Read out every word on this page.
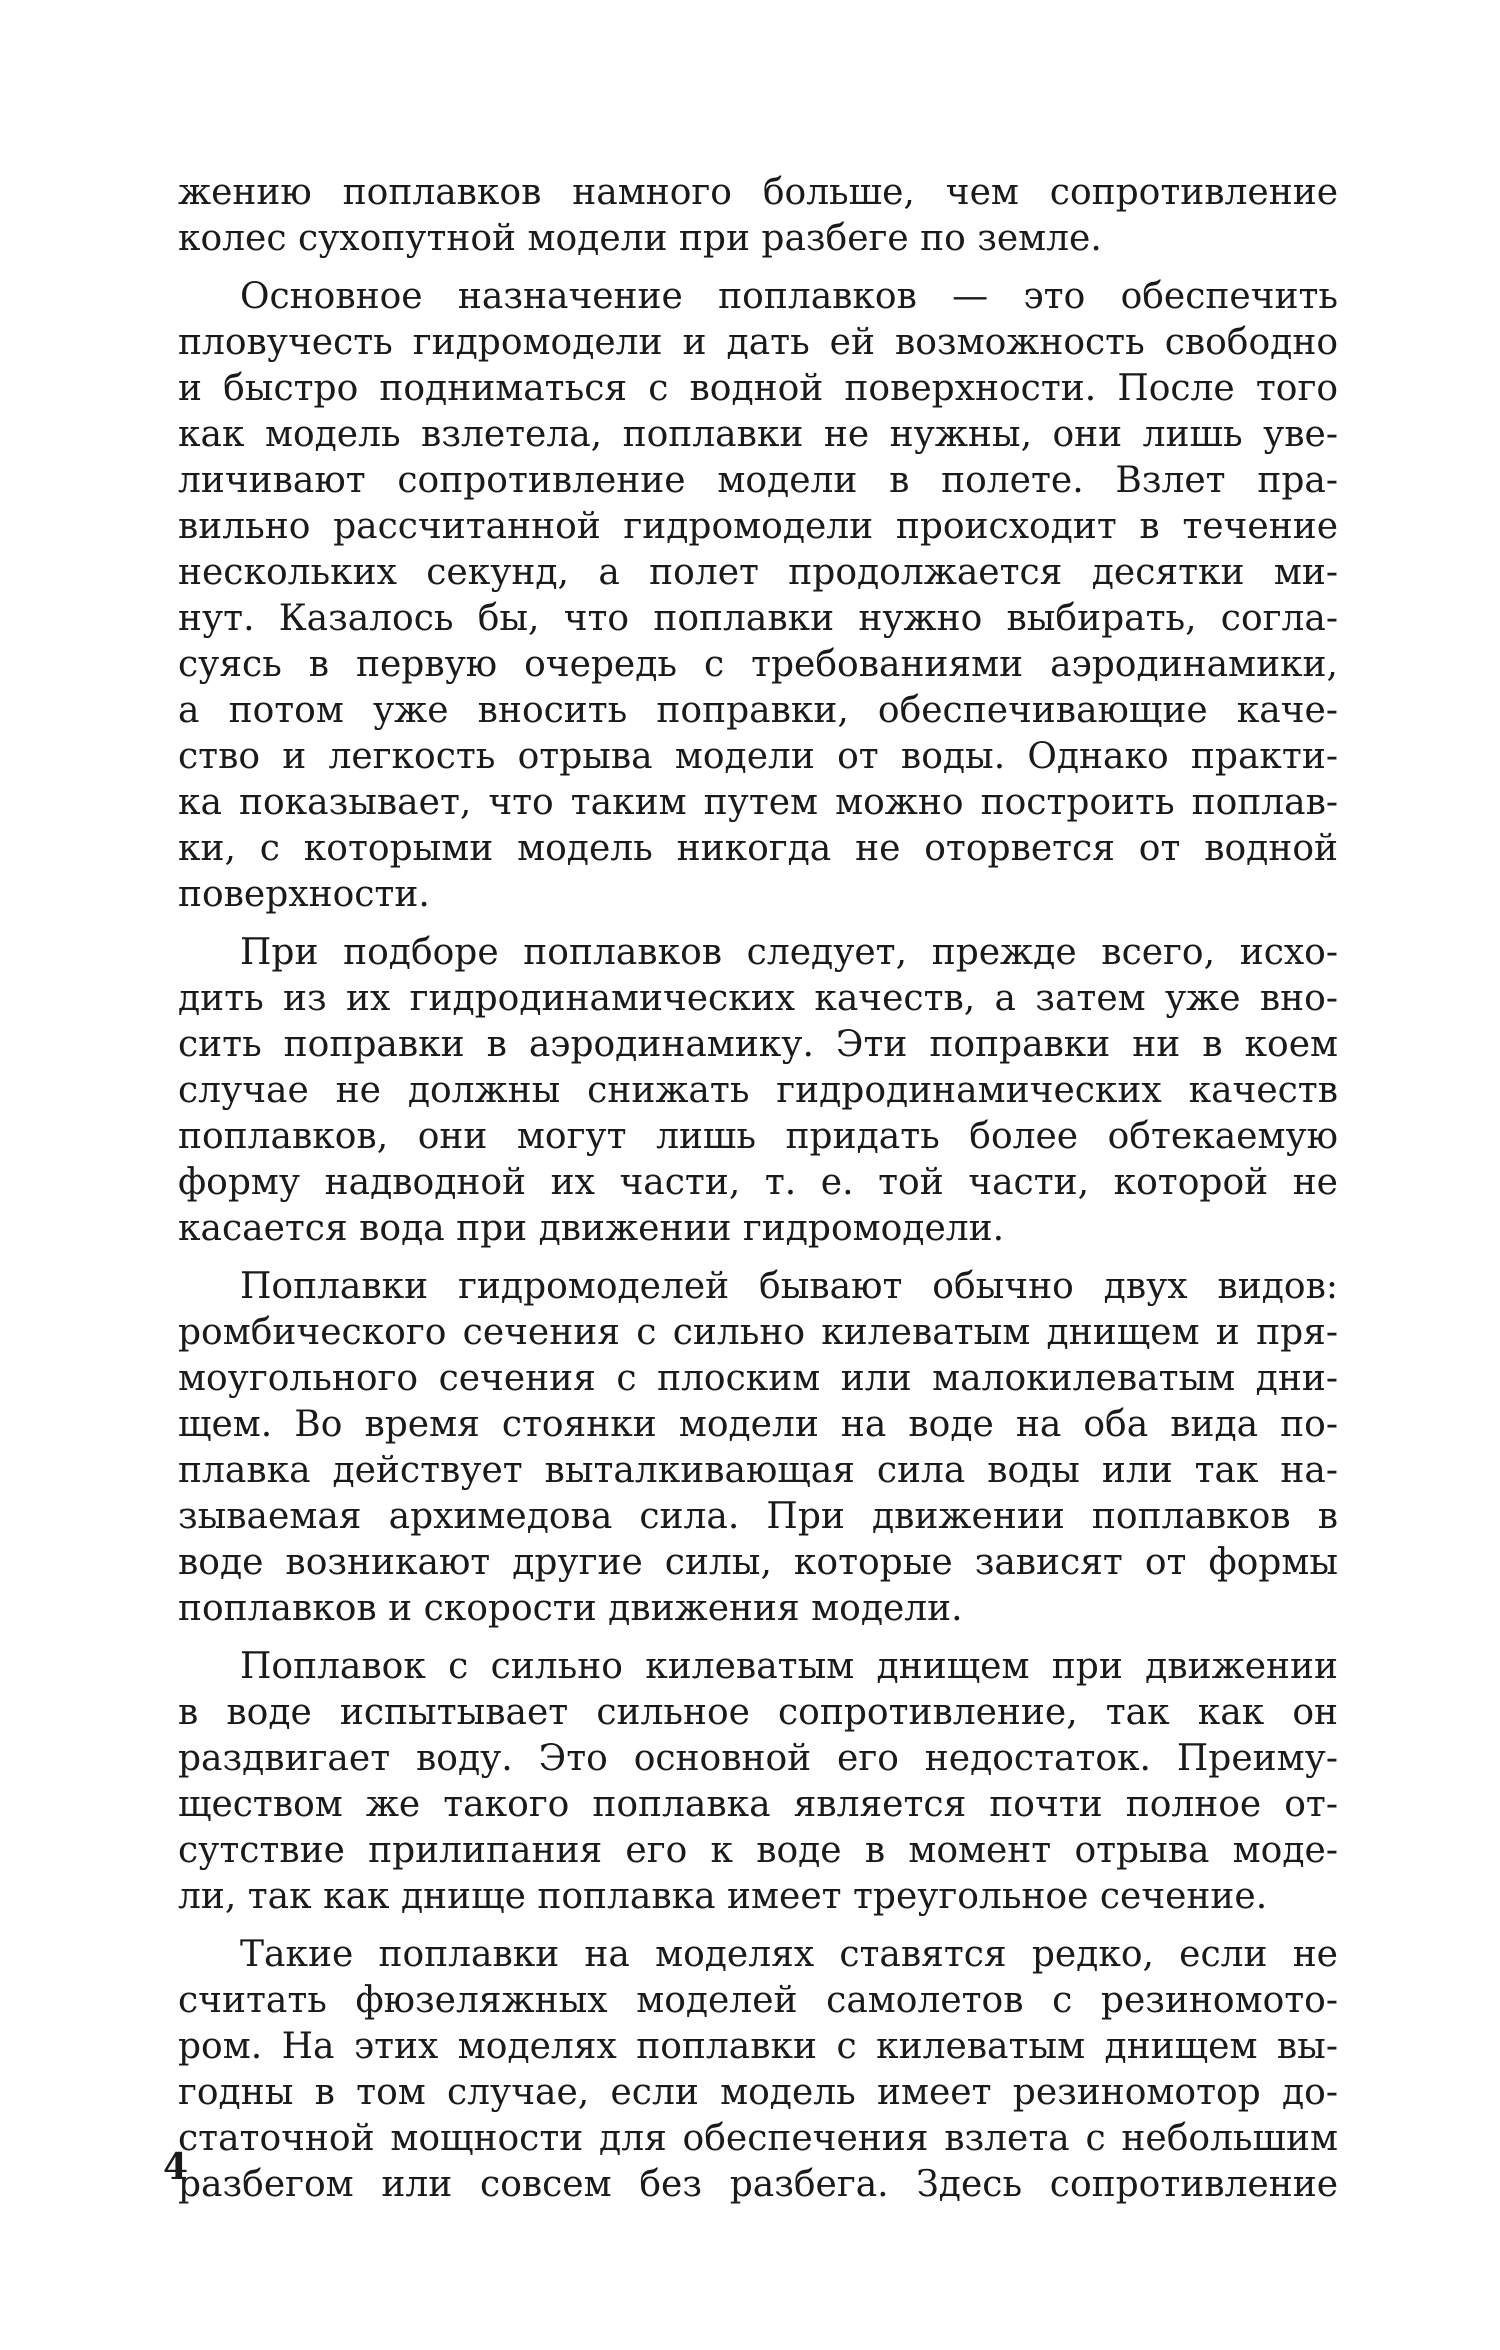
жению поплавков намного больше, чем сопротивление
колес сухопутной модели при разбеге по земле.
Основное назначение поплавков — это обеспечить
пловучесть гидромодели и дать ей возможность свободно
и быстро подниматься с водной поверхности. После того
как модель взлетела, поплавки не нужны, они лишь уве-
личивают сопротивление модели в полете. Взлет пра-
вильно рассчитанной гидромодели происходит в течение
нескольких секунд, а полет продолжается десятки ми-
нут. Казалось бы, что поплавки нужно выбирать, согла-
суясь в первую очередь с требованиями аэродинамики,
а потом уже вносить поправки, обеспечивающие каче-
ство и легкость отрыва модели от воды. Однако практи-
ка показывает, что таким путем можно построить поплав-
ки, с которыми модель никогда не оторвется от водной
поверхности.
При подборе поплавков следует, прежде всего, исхо-
дить из их гидродинамических качеств, а затем уже вно-
сить поправки в аэродинамику. Эти поправки ни в коем
случае не должны снижать гидродинамических качеств
поплавков, они могут лишь придать более обтекаемую
форму надводной их части, т. е. той части, которой не
касается вода при движении гидромодели.
Поплавки гидромоделей бывают обычно двух видов:
ромбического сечения с сильно килеватым днищем и пря-
моугольного сечения с плоским или малокилеватым дни-
щем. Во время стоянки модели на воде на оба вида по-
плавка действует выталкивающая сила воды или так на-
зываемая архимедова сила. При движении поплавков в
воде возникают другие силы, которые зависят от формы
поплавков и скорости движения модели.
Поплавок с сильно килеватым днищем при движении
в воде испытывает сильное сопротивление, так как он
раздвигает воду. Это основной его недостаток. Преиму-
ществом же такого поплавка является почти полное от-
сутствие прилипания его к воде в момент отрыва моде-
ли, так как днище поплавка имеет треугольное сечение.
Такие поплавки на моделях ставятся редко, если не
считать фюзеляжных моделей самолетов с резиномото-
ром. На этих моделях поплавки с килеватым днищем вы-
годны в том случае, если модель имеет резиномотор до-
статочной мощности для обеспечения взлета с небольшим
разбегом или совсем без разбега. Здесь сопротивление
4
